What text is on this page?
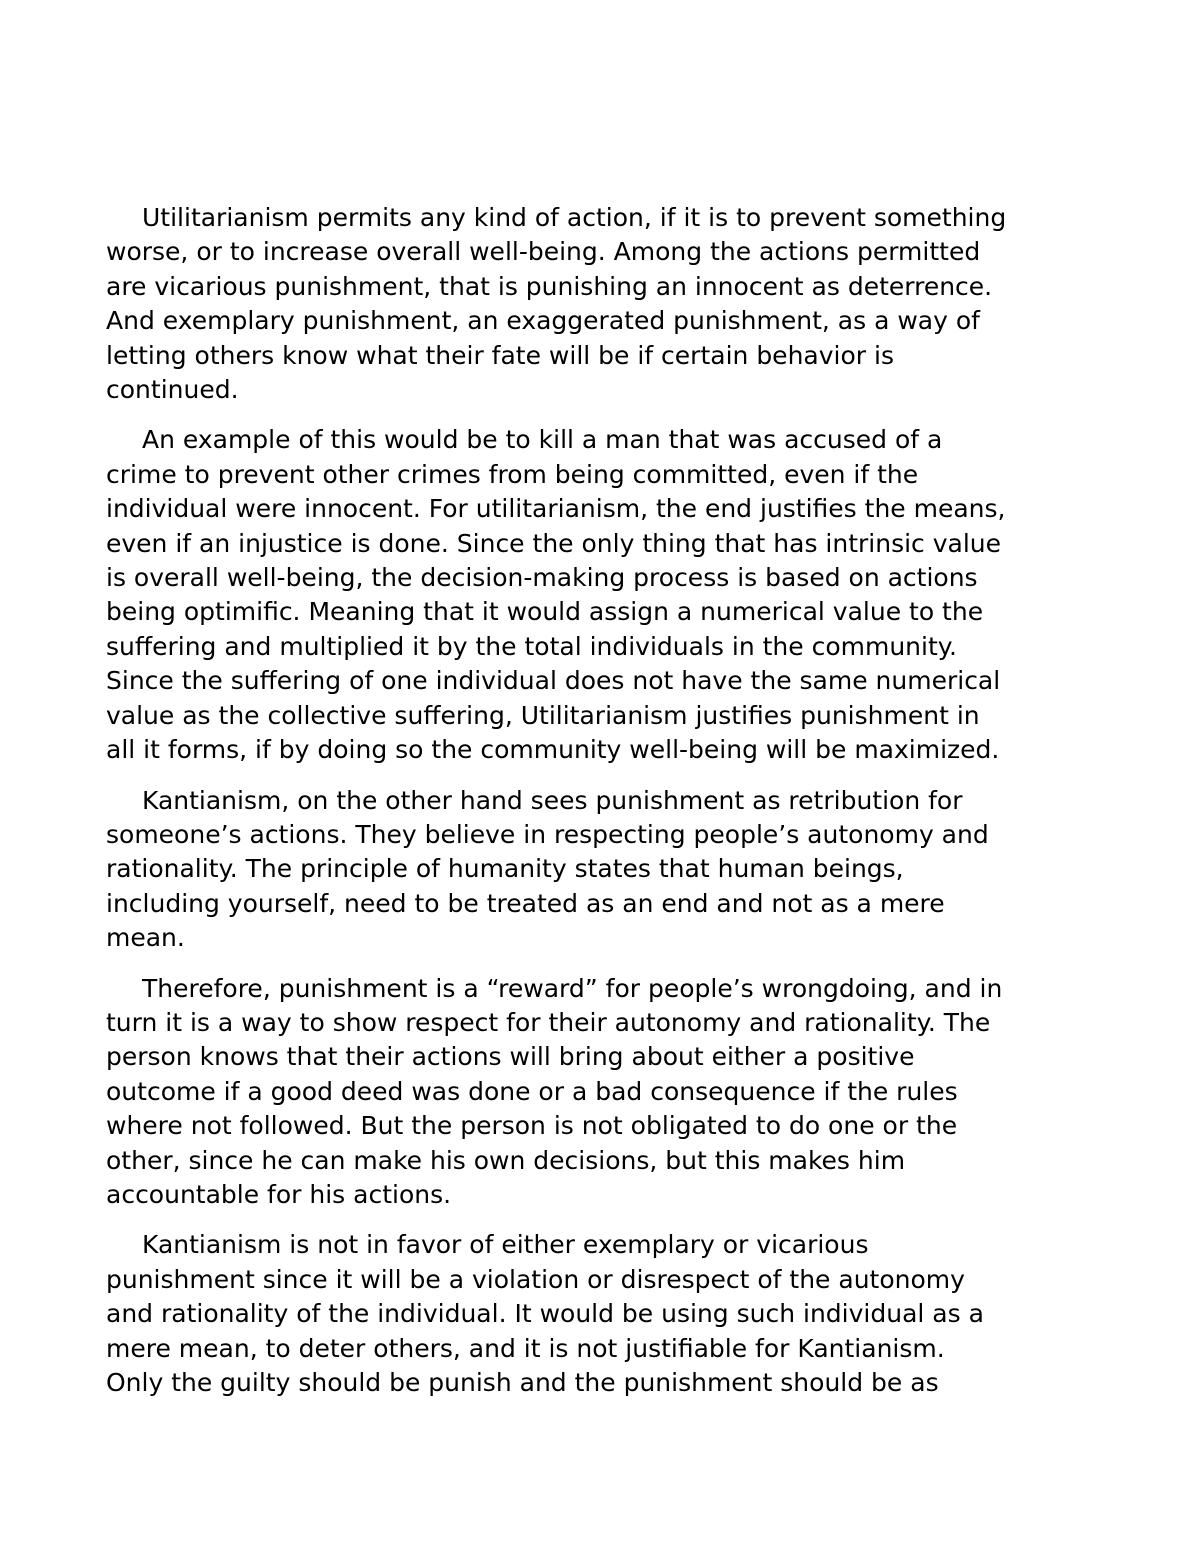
Utilitarianism permits any kind of action, if it is to prevent something
worse, or to increase overall well-being. Among the actions permitted
are vicarious punishment, that is punishing an innocent as deterrence.
And exemplary punishment, an exaggerated punishment, as a way of
letting others know what their fate will be if certain behavior is
continued.

An example of this would be to kill a man that was accused of a
crime to prevent other crimes from being committed, even if the
individual were innocent. For utilitarianism, the end justifies the means,
even if an injustice is done. Since the only thing that has intrinsic value
is overall well-being, the decision-making process is based on actions
being optimific. Meaning that it would assign a numerical value to the
suffering and multiplied it by the total individuals in the community.
Since the suffering of one individual does not have the same numerical
value as the collective suffering, Utilitarianism justifies punishment in
all it forms, if by doing so the community well-being will be maximized.

Kantianism, on the other hand sees punishment as retribution for
someone’s actions. They believe in respecting people’s autonomy and
rationality. The principle of humanity states that human beings,
including yourself, need to be treated as an end and not as a mere
mean.

Therefore, punishment is a “reward” for people’s wrongdoing, and in
turn it is a way to show respect for their autonomy and rationality. The
person knows that their actions will bring about either a positive
outcome if a good deed was done or a bad consequence if the rules
where not followed. But the person is not obligated to do one or the
other, since he can make his own decisions, but this makes him
accountable for his actions.

Kantianism is not in favor of either exemplary or vicarious
punishment since it will be a violation or disrespect of the autonomy
and rationality of the individual. It would be using such individual as a
mere mean, to deter others, and it is not justifiable for Kantianism.
Only the guilty should be punish and the punishment should be as
